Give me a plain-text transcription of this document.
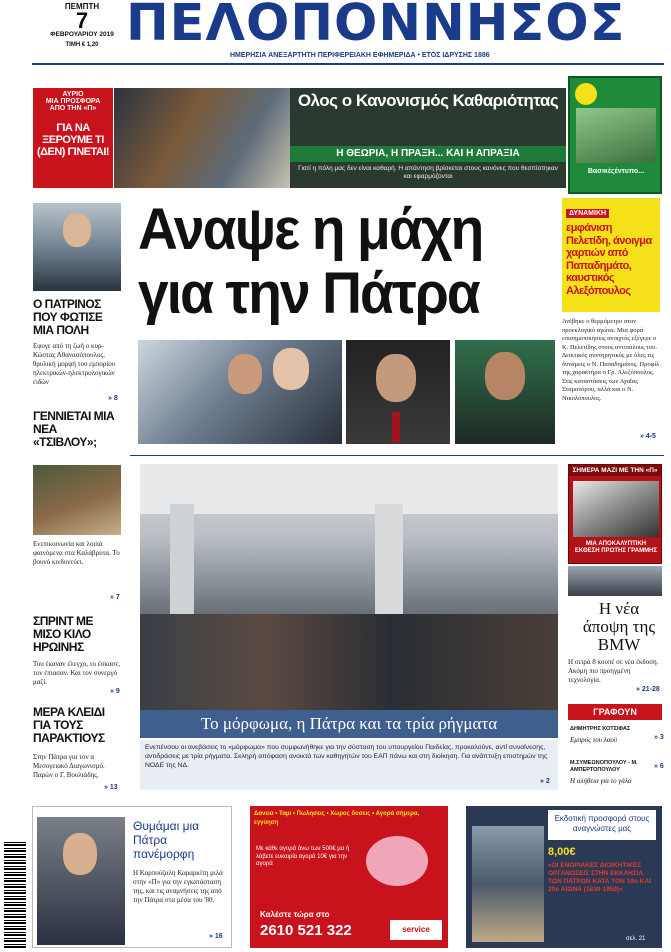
ΠΕΜΠΤΗ
7
ΦΕΒΡΟΥΑΡΙΟΥ 2019
ΤΙΜΗ € 1,20 ΠΕΛΟΠΟΝΝΗΣΟΣ
ΗΜΕΡΗΣΙΑ ΑΝΕΞΑΡΤΗΤΗ ΠΕΡΙΦΕΡΕΙΑΚΗ ΕΦΗΜΕΡΙΔΑ • ΕΤΟΣ ΙΔΡΥΣΗΣ 1886
ΑΥΡΙΟ
ΜΙΑ ΠΡΟΣΦΟΡΑ
ΑΠΟ ΤΗΝ «Π»
ΓΙΑ ΝΑ ΞΕΡΟΥΜΕ ΤΙ (ΔΕΝ) ΓΙΝΕΤΑΙ!
Ολος ο Κανονισμός Καθαριότητας
Η ΘΕΩΡΙΑ, Η ΠΡΑΞΗ... ΚΑΙ Η ΑΠΡΑΞΙΑ
Γιατί η πόλη μας δεν είναι καθαρή. Η απάντηση βρίσκεται στους κανόνες που θεσπίστηκαν και εφαρμόζονται
Βασικέςέντυπο...
Ο ΠΑΤΡΙΝΟΣ ΠΟΥ ΦΩΤΙΣΕ ΜΙΑ ΠΟΛΗ
Εφυγε από τη ζωή ο κυρ-Κώστας Αθανασόπουλος, θρυλική μορφή του εμπορίου ηλεκτρικών-ηλεκτρολογικών ειδών
» 8
ΓΕΝΝΙΕΤΑΙ ΜΙΑ ΝΕΑ «ΤΣΙΒΛΟΥ»;
Ενεπικοινωνία και λοιπά φαινόμενα στα Καλάβρυτα. Το βουνό κινδυνεύει.
» 7
ΣΠΡΙΝΤ ΜΕ ΜΙΣΟ ΚΙΛΟ ΗΡΩΙΝΗΣ
Του έκαναν έλεγχο, το έσκασε, τον έπιασαν. Και τον συνεργό μαζί.
» 9
ΜΕΡΑ ΚΛΕΙΔΙ ΓΙΑ ΤΟΥΣ ΠΑΡΑΚΤΙΟΥΣ
Στην Πάτρα για τον α Μεσογειακό Διαγωνισμό. Παρών ο Γ. Βουλιάδης.
» 13
Αναψε η μάχη
για την Πάτρα
ΔΥΝΑΜΙΚΗ
εμφάνιση Πελετίδη, άνοιγμα χαρτιών από Παπαδημάτο, καυστικός Αλεξόπουλος
Ανέβηκε ο θερμόμετρο στον προεκλογικό αγώνα. Μια φορά επισημοποιήσεις ανοιχτός εξέγερε ο Κ. Πελετίδης στους αντιπάλους του. Δεικτικός συντηρητικός με όλες τις δυνάμεις ο Ν. Παπαδημάτος. Προφίλ της χαρακτήρα ο Γρ. Αλεξόπουλος. Στις καταστάσεις των Αχαΐας Σταματόρου, αλλά και ο Ν. Νικολόπουλος.
» 4-5
Το μόρφωμα, η Πάτρα και τα τρία ρήγματα
Ενεπένσου οι ανεβάσεις το «μόρφωμα» που συμφωνήθηκε για την σύσταση του υπουργείου Παιδείας, προκαλούνε, αντί συναίνεσης, αντιδράσεις με τρία ρήγματα. Σκληρή απόφαση ανοικτά των καθηγητών του ΕΑΠ πάνω και στη διοίκηση. Για ανάπτυξη επιστημών της ΝΟΔΕ της ΝΔ.
» 2
ΣΗΜΕΡΑ ΜΑΖΙ ΜΕ ΤΗΝ «Π»
ΜΙΑ ΑΠΟΚΑΛΥΠΤΙΚΗ ΕΚΘΕΣΗ ΠΡΩΤΗΣ ΓΡΑΜΜΗΣ
Η νέα άποψη της BMW
Η σειρά 8 κουπέ σε νέα έκδοση. Ακόμη πιο προηγμένη τεχνολογία.
» 21-28
ΓΡΑΦΟΥΝ
ΔΗΜΗΤΡΗΣ ΚΟΤΣΙΦΑΣ
Εμπρός του λαού	» 3
Μ.ΣΥΜΕΩΝΟΠΟΥΛΟΥ - Μ. ΑΜΠΕΡΤΟΠΟΥΛΟΥ
Η αλήθεια για το γάλα
» 6
Θυμάμαι μια Πάτρα πανέμορφη
Η Καρπούζαλη Καραρκίτη μιλά στην «Π» για την εγκατάσταση της, και τις αναμνήσεις της από την Πάτρα στα μέσα του '80.
» 16
Δανεια • Ταμι • Πωλησεις • Χωρος δοσεις • Αγορά σήμερα, εγγύηση
Με κάθε αγορά άνω των 500€ μα ή λάβετε ευκαιρία αγορά 10€ για την αγορά
Καλέστε τώρα στο
2610 521 322	service
Εκδοτική προσφορά στους αναγνώστες μας
8,00€
«ΟΙ ΕΝΟΡΙΑΚΕΣ ΔΙΟΙΚΗΤΙΚΕΣ ΟΡΓΑΝΩΣΕΙΣ ΣΤΗΝ ΕΚΚΛΗΣΙΑ ΤΩΝ ΠΑΤΡΩΝ ΚΑΤΑ ΤΟΝ 19ο ΚΑΙ 20ο ΑΙΩΝΑ (1830-1950)»
σελ. 21
